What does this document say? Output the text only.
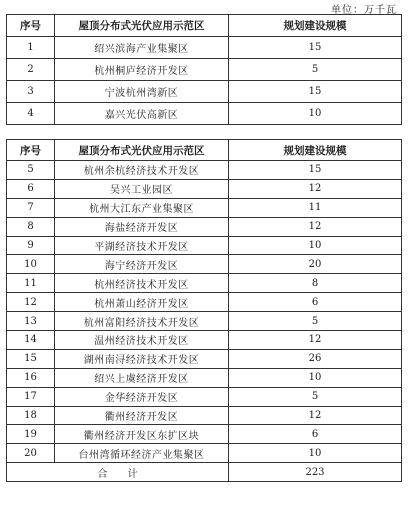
单位：万千瓦
序号	屋顶分布式光伏应用示范区	规划建设规模
1	绍兴滨海产业集聚区	15
2	杭州桐庐经济开发区	5
3	宁波杭州湾新区	15
4	嘉兴光伏高新区	10
序号	屋顶分布式光伏应用示范区	规划建设规模
5	杭州余杭经济技术开发区	15
6	吴兴工业园区	12
7	杭州大江东产业集聚区	11
8	海盐经济开发区	12
9	平湖经济技术开发区	10
10	海宁经济开发区	20
11	杭州经济技术开发区	8
12	杭州萧山经济开发区	6
13	杭州富阳经济技术开发区	5
14	温州经济技术开发区	12
15	湖州南浔经济技术开发区	26
16	绍兴上虞经济开发区	10
17	金华经济开发区	5
18	衢州经济开发区	12
19	衢州经济开发区东扩区块	6
20	台州湾循环经济产业集聚区	10
合　　计		223
